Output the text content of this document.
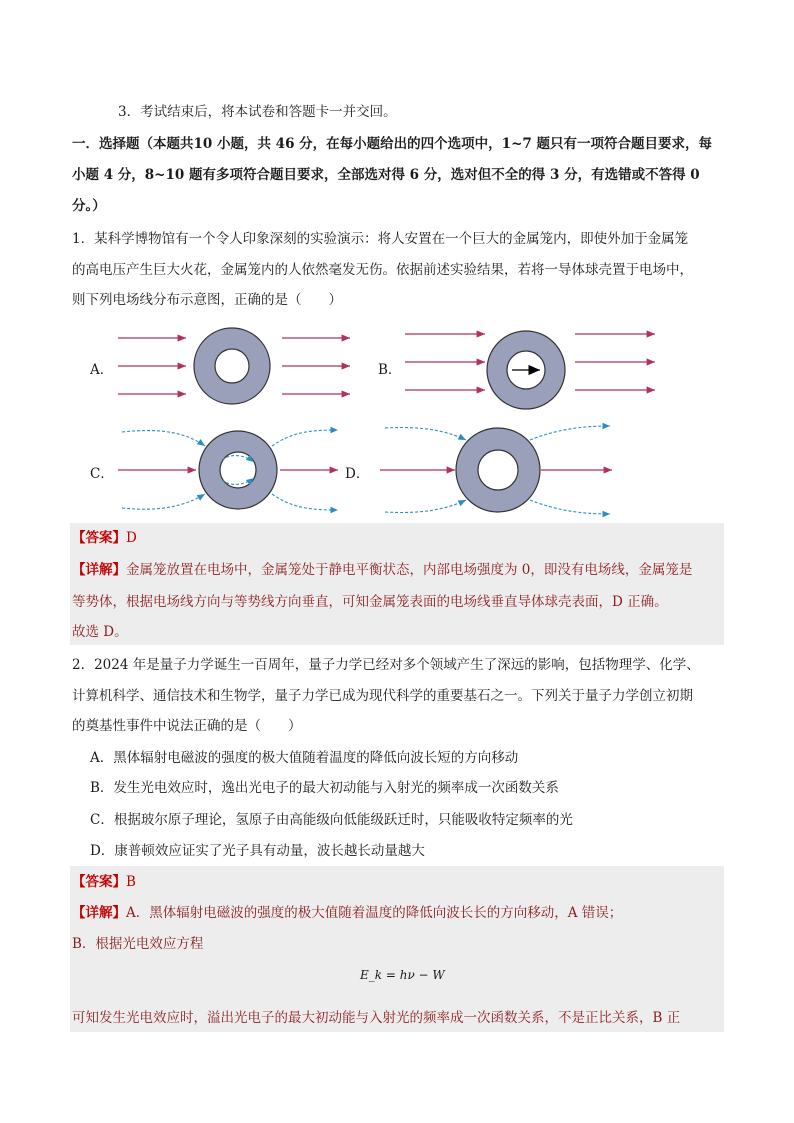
3．考试结束后，将本试卷和答题卡一并交回。
一．选择题（本题共10 小题，共 46 分，在每小题给出的四个选项中，1~7 题只有一项符合题目要求，每
小题 4 分，8~10 题有多项符合题目要求，全部选对得 6 分，选对但不全的得 3 分，有选错或不答得 0
分。）
1．某科学博物馆有一个令人印象深刻的实验演示：将人安置在一个巨大的金属笼内，即使外加于金属笼
的高电压产生巨大火花，金属笼内的人依然毫发无伤。依据前述实验结果，若将一导体球壳置于电场中，
则下列电场线分布示意图，正确的是（　　）
A．	B．
C．	D．
【答案】D
【详解】金属笼放置在电场中，金属笼处于静电平衡状态，内部电场强度为 0，即没有电场线，金属笼是
等势体，根据电场线方向与等势线方向垂直，可知金属笼表面的电场线垂直导体球壳表面，D 正确。
故选 D。
2．2024 年是量子力学诞生一百周年，量子力学已经对多个领域产生了深远的影响，包括物理学、化学、
计算机科学、通信技术和生物学，量子力学已成为现代科学的重要基石之一。下列关于量子力学创立初期
的奠基性事件中说法正确的是（　　）
A．黑体辐射电磁波的强度的极大值随着温度的降低向波长短的方向移动
B．发生光电效应时，逸出光电子的最大初动能与入射光的频率成一次函数关系
C．根据玻尔原子理论，氢原子由高能级向低能级跃迁时，只能吸收特定频率的光
D．康普顿效应证实了光子具有动量，波长越长动量越大
【答案】B
【详解】A．黑体辐射电磁波的强度的极大值随着温度的降低向波长长的方向移动，A 错误；
B．根据光电效应方程
E_k = hν − W
可知发生光电效应时，溢出光电子的最大初动能与入射光的频率成一次函数关系，不是正比关系，B 正
